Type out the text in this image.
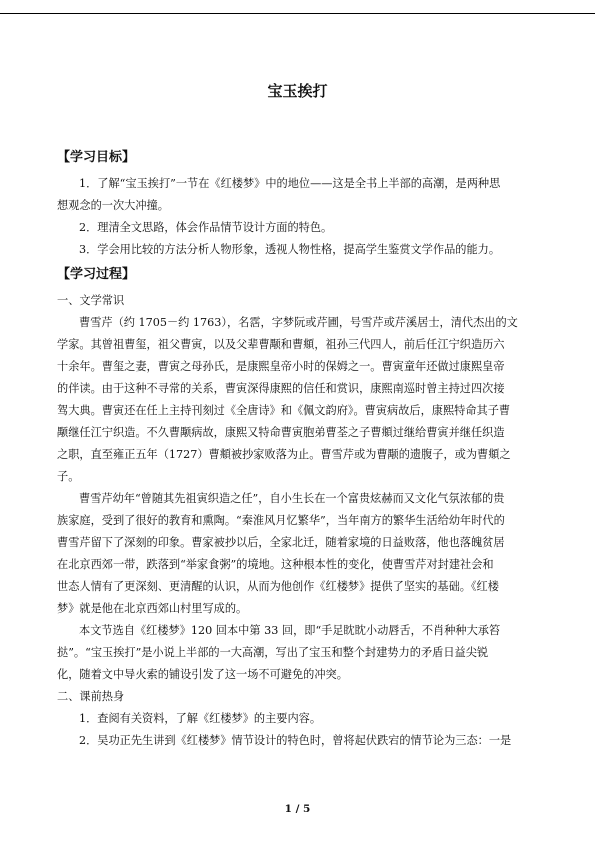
宝玉挨打
【学习目标】
1．了解“宝玉挨打”一节在《红楼梦》中的地位——这是全书上半部的高潮，是两种思
想观念的一次大冲撞。
2．理清全文思路，体会作品情节设计方面的特色。
3．学会用比较的方法分析人物形象，透视人物性格，提高学生鉴赏文学作品的能力。
【学习过程】
一、文学常识
曹雪芹（约 1705－约 1763），名霑，字梦阮或芹圃，号雪芹或芹溪居士，清代杰出的文
学家。其曾祖曹玺，祖父曹寅，以及父辈曹颙和曹頫，祖孙三代四人，前后任江宁织造历六
十余年。曹玺之妻，曹寅之母孙氏，是康熙皇帝小时的保姆之一。曹寅童年还做过康熙皇帝
的伴读。由于这种不寻常的关系，曹寅深得康熙的信任和赏识，康熙南巡时曾主持过四次接
驾大典。曹寅还在任上主持刊刻过《全唐诗》和《佩文韵府》。曹寅病故后，康熙特命其子曹
颙继任江宁织造。不久曹颙病故，康熙又特命曹寅胞弟曹荃之子曹頫过继给曹寅并继任织造
之职，直至雍正五年（1727）曹頫被抄家败落为止。曹雪芹或为曹颙的遗腹子，或为曹頫之
子。
曹雪芹幼年“曾随其先祖寅织造之任”，自小生长在一个富贵炫赫而又文化气氛浓郁的贵
族家庭，受到了很好的教育和熏陶。“秦淮风月忆繁华”，当年南方的繁华生活给幼年时代的
曹雪芹留下了深刻的印象。曹家被抄以后，全家北迁，随着家境的日益败落，他也落魄贫居
在北京西郊一带，跌落到“举家食粥”的境地。这种根本性的变化，使曹雪芹对封建社会和
世态人情有了更深刻、更清醒的认识，从而为他创作《红楼梦》提供了坚实的基础。《红楼
梦》就是他在北京西郊山村里写成的。
本文节选自《红楼梦》120 回本中第 33 回，即“手足眈眈小动唇舌，不肖种种大承笞
挞”。“宝玉挨打”是小说上半部的一大高潮，写出了宝玉和整个封建势力的矛盾日益尖锐
化，随着文中导火索的铺设引发了这一场不可避免的冲突。
二、课前热身
1．查阅有关资料，了解《红楼梦》的主要内容。
2．吴功正先生讲到《红楼梦》情节设计的特色时，曾将起伏跌宕的情节论为三态：一是
1 / 5
